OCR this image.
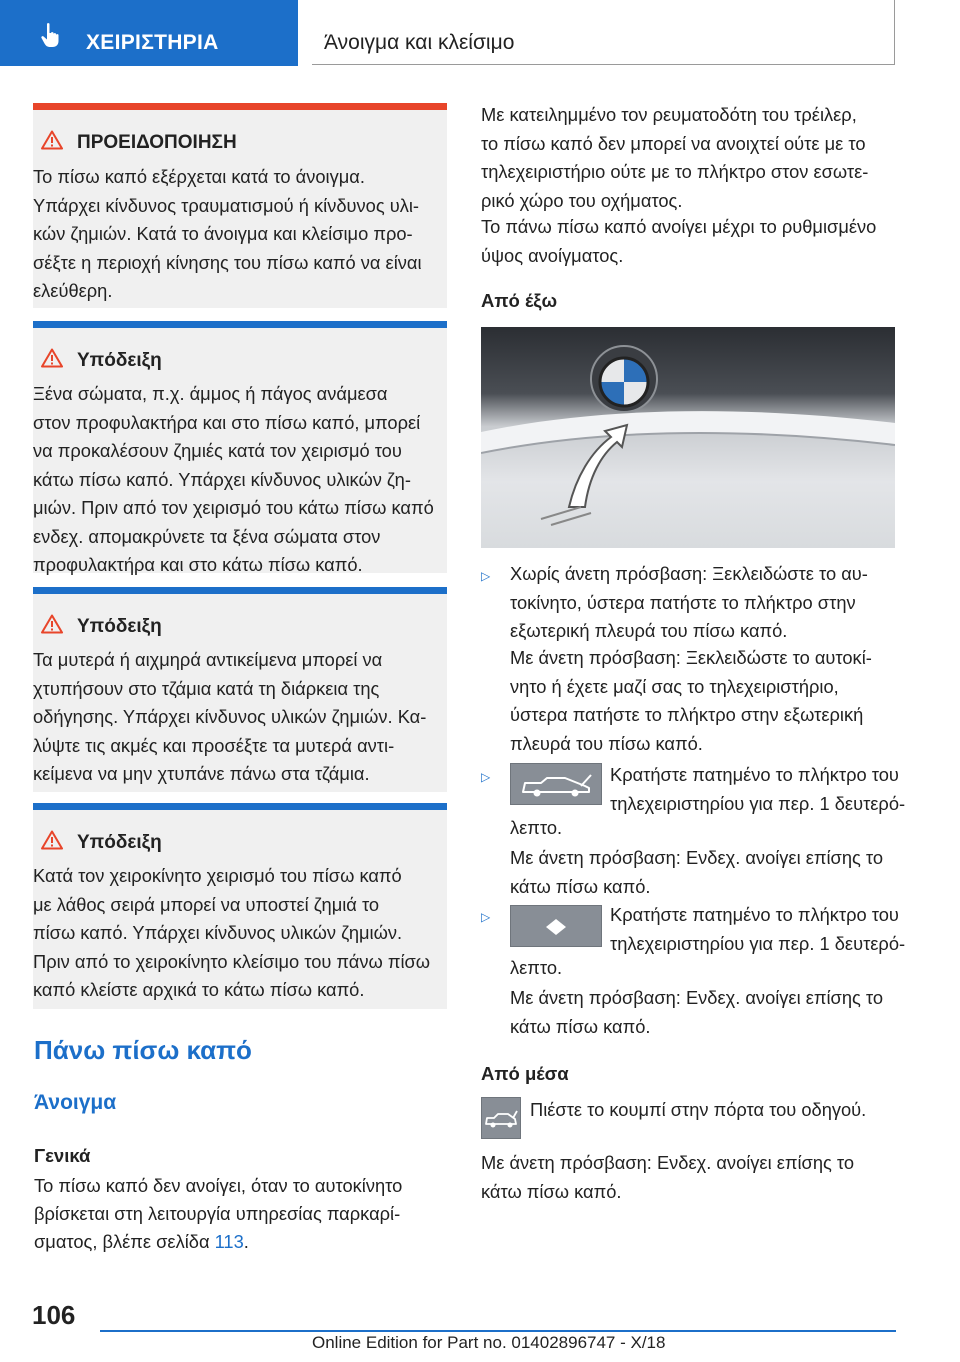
ΧΕΙΡΙΣΤΗΡΙΑ	Άνοιγμα και κλείσιμο
ΠΡΟΕΙΔΟΠΟΙΗΣΗ
Το πίσω καπό εξέρχεται κατά το άνοιγμα.
Υπάρχει κίνδυνος τραυματισμού ή κίνδυνος υλι-
κών ζημιών. Κατά το άνοιγμα και κλείσιμο προ-
σέξτε η περιοχή κίνησης του πίσω καπό να είναι
ελεύθερη.
Υπόδειξη
Ξένα σώματα, π.χ. άμμος ή πάγος ανάμεσα
στον προφυλακτήρα και στο πίσω καπό, μπορεί
να προκαλέσουν ζημιές κατά τον χειρισμό του
κάτω πίσω καπό. Υπάρχει κίνδυνος υλικών ζη-
μιών. Πριν από τον χειρισμό του κάτω πίσω καπό
ενδεχ. απομακρύνετε τα ξένα σώματα στον
προφυλακτήρα και στο κάτω πίσω καπό.
Υπόδειξη
Τα μυτερά ή αιχμηρά αντικείμενα μπορεί να
χτυπήσουν στο τζάμια κατά τη διάρκεια της
οδήγησης. Υπάρχει κίνδυνος υλικών ζημιών. Κα-
λύψτε τις ακμές και προσέξτε τα μυτερά αντι-
κείμενα να μην χτυπάνε πάνω στα τζάμια.
Υπόδειξη
Κατά τον χειροκίνητο χειρισμό του πίσω καπό
με λάθος σειρά μπορεί να υποστεί ζημιά το
πίσω καπό. Υπάρχει κίνδυνος υλικών ζημιών.
Πριν από το χειροκίνητο κλείσιμο του πάνω πίσω
καπό κλείστε αρχικά το κάτω πίσω καπό.
Πάνω πίσω καπό
Άνοιγμα
Γενικά
Το πίσω καπό δεν ανοίγει, όταν το αυτοκίνητο
βρίσκεται στη λειτουργία υπηρεσίας παρκαρί-
σματος, βλέπε σελίδα 113.
Με κατειλημμένο τον ρευματοδότη του τρέιλερ,
το πίσω καπό δεν μπορεί να ανοιχτεί ούτε με το
τηλεχειριστήριο ούτε με το πλήκτρο στον εσωτε-
ρικό χώρο του οχήματος.
Το πάνω πίσω καπό ανοίγει μέχρι το ρυθμισμένο
ύψος ανοίγματος.
Από έξω
▷ Χωρίς άνετη πρόσβαση: Ξεκλειδώστε το αυ-
τοκίνητο, ύστερα πατήστε το πλήκτρο στην
εξωτερική πλευρά του πίσω καπό.
Με άνετη πρόσβαση: Ξεκλειδώστε το αυτοκί-
νητο ή έχετε μαζί σας το τηλεχειριστήριο,
ύστερα πατήστε το πλήκτρο στην εξωτερική
πλευρά του πίσω καπό.
▷	Κρατήστε πατημένο το πλήκτρο του
τηλεχειριστηρίου για περ. 1 δευτερό-
λεπτο.
Με άνετη πρόσβαση: Ενδεχ. ανοίγει επίσης το
κάτω πίσω καπό.
▷	Κρατήστε πατημένο το πλήκτρο του
τηλεχειριστηρίου για περ. 1 δευτερό-
λεπτο.
Με άνετη πρόσβαση: Ενδεχ. ανοίγει επίσης το
κάτω πίσω καπό.
Από μέσα
Πιέστε το κουμπί στην πόρτα του οδηγού.
Με άνετη πρόσβαση: Ενδεχ. ανοίγει επίσης το
κάτω πίσω καπό.
106
Online Edition for Part no. 01402896747 - X/18
